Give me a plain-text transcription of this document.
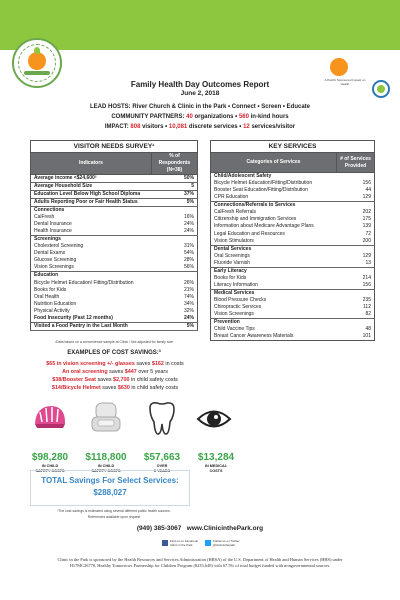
A Pacific Sponsored Impact on Health
Family Health Day Outcomes Report
June 2, 2018
LEAD HOSTS: River Church & Clinic in the Park • Connect • Screen • Educate
COMMUNITY PARTNERS: 40 organizations • 560 in-kind hours
IMPACT: 808 visitors • 10,081 discrete services • 12 services/visitor
VISITOR NEEDS SURVEY¹	
Indicators	% of Respondents (N=38)
Average income <$24,600²	50%
Average Household Size	5
Education Level Below High School Diploma	37%
Adults Reporting Poor or Fair Health Status	5%
Connections	
CalFresh	16%
Dental Insurance	24%
Health Insurance	24%
Screenings	
Cholesterol Screening	31%
Dental Exams	54%
Glucose Screening	28%
Vision Screenings	56%
Education	
Bicycle Helmet Education/ Fitting/Distribution	26%
Books for Kids	21%
Oral Health	74%
Nutrition Education	34%
Physical Activity	32%
Food Insecurity (Past 12 months)	24%
Visited a Food Pantry in the Last Month	5%
KEY SERVICES	
Categories of Services	# of Services Provided
Child/Adolescent Safety	
Bicycle Helmet Education/Fitting/Distribution	156
Booster Seat Education/Fitting/Distribution	44
CPR Education	129
Connections/Referrals to Services	
CalFresh Referrals	202
Citizenship and Immigration Services	175
Information about Medicare Advantage Plans	139
Legal Education and Resources	72
Vision Stimulators	200
Dental Services	
Oral Screenings	129
Fluoride Varnish	13
Early Literacy	
Books for Kids	214
Literacy Information	156
Medical Services	
Blood Pressure Checks	235
Chiropractic Services	112
Vision Screenings	82
Prevention	
Child Vaccine Tips	48
Breast Cancer Awareness Materials	101
¹Data based on a convenience sample at Clinic / Not adjusted for family size
EXAMPLES OF COST SAVINGS:³
$65 in vision screening +/- glasses saves $162 in costs
An oral screening saves $447 over 5 years
$38/Booster Seat saves $2,700 in child safety costs
$14/Bicycle Helmet saves $630 in child safety costs
$98,280
IN CHILD
SAFETY COSTS
$118,800
IN CHILD
SAFETY COSTS
$57,663
OVER
5 YEARS
$13,284
IN MEDICAL
COSTS
TOTAL Savings For Select Services:
$288,027
³The cost savings is estimated using several different public health sources.
References available upon request
(949) 385-3067 www.ClinicinthePark.org
Find us on Facebook
Clinic in the Park
Follow us on Twitter
@clinicinthepark
Clinic in the Park is sponsored by the Health Resources and Services Administration (HRSA) of the U.S. Department of Health and Human Services (HHS) under H17MC26778, Healthy Tomorrows Partnership for Children Program ($235,648) with 67.5% of total budget funded with nongovernmental sources.
